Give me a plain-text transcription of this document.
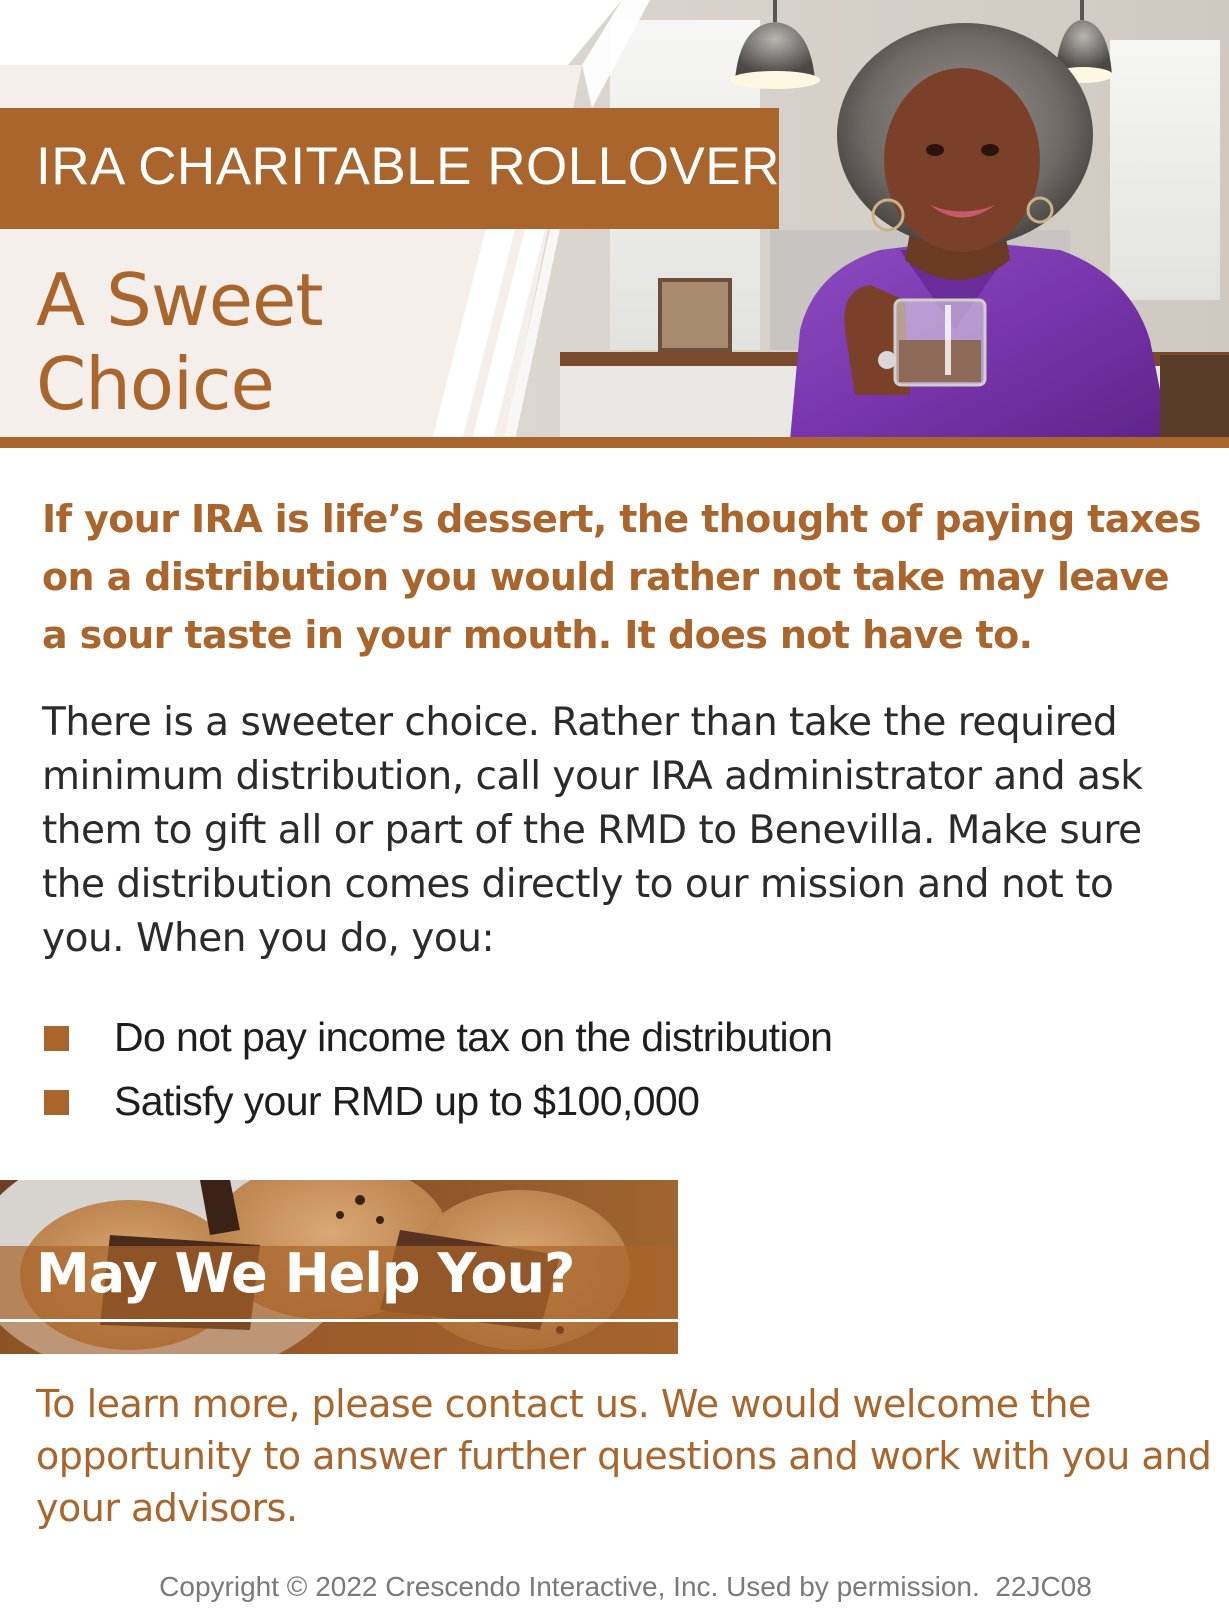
IRA CHARITABLE ROLLOVER
A Sweet
Choice

If your IRA is life’s dessert, the thought of paying taxes on a distribution you would rather not take may leave a sour taste in your mouth. It does not have to.

There is a sweeter choice. Rather than take the required minimum distribution, call your IRA administrator and ask them to gift all or part of the RMD to Benevilla. Make sure the distribution comes directly to our mission and not to you. When you do, you:

Do not pay income tax on the distribution
Satisfy your RMD up to $100,000
May We Help You?

To learn more, please contact us. We would welcome the opportunity to answer further questions and work with you and your advisors.

Copyright © 2022 Crescendo Interactive, Inc. Used by permission.  22JC08
